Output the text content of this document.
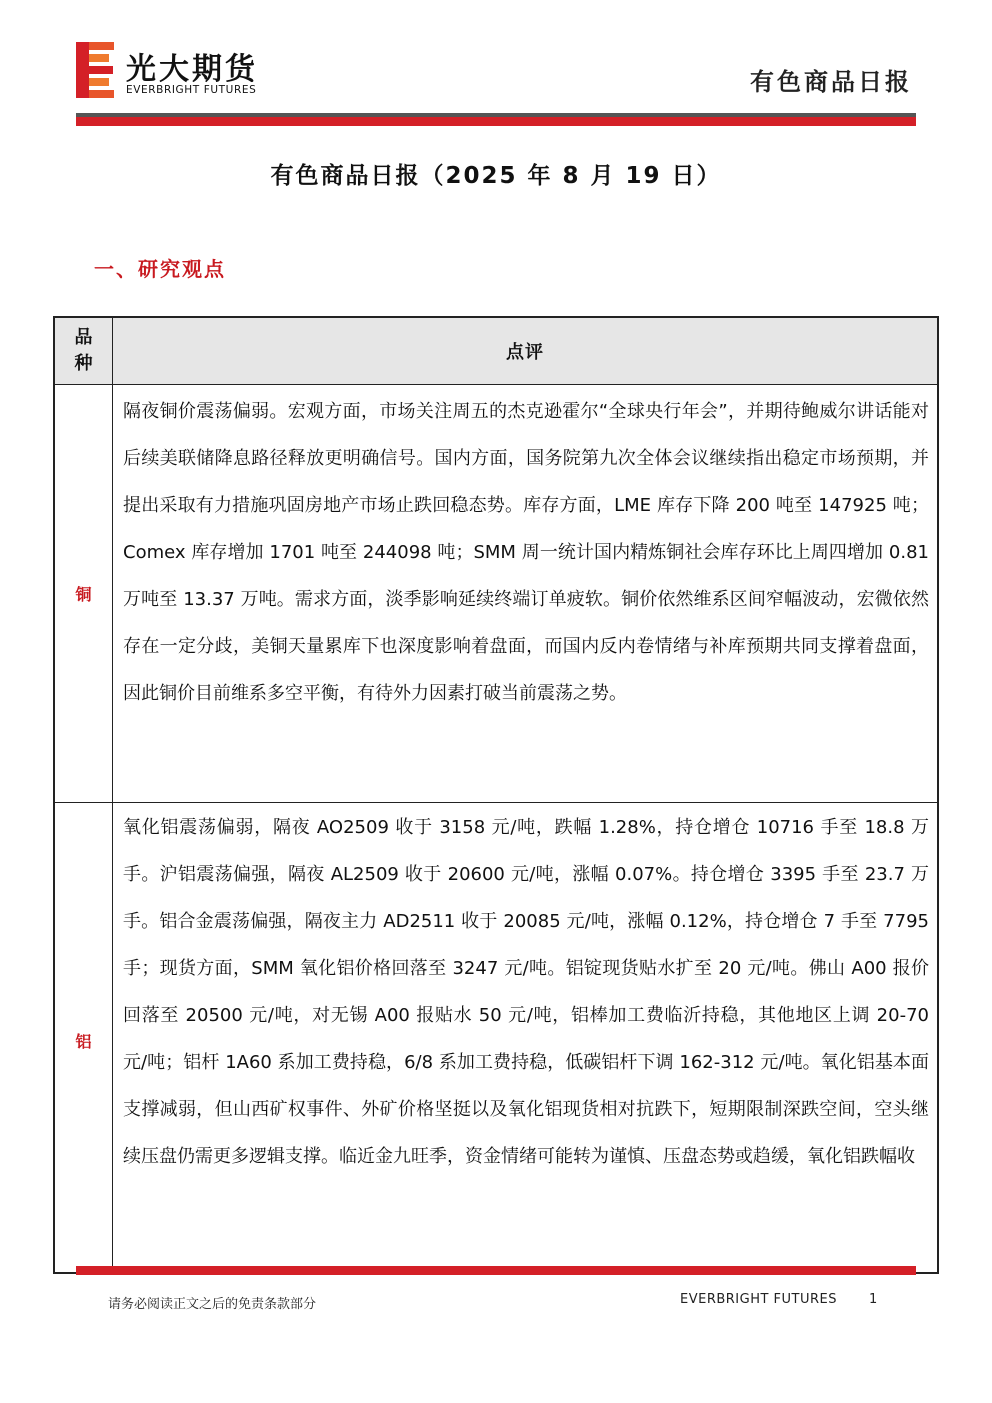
光大期货
EVERBRIGHT FUTURES	有色商品日报
有色商品日报（2025 年 8 月 19 日）
一、研究观点
品
种
点评
铜
隔夜铜价震荡偏弱。宏观方面，市场关注周五的杰克逊霍尔“全球央行年会”，并期待鲍威尔讲话能对后续美联储降息路径释放更明确信号。国内方面，国务院第九次全体会议继续指出稳定市场预期，并提出采取有力措施巩固房地产市场止跌回稳态势。库存方面，LME 库存下降 200 吨至 147925 吨；Comex 库存增加 1701 吨至 244098 吨；SMM 周一统计国内精炼铜社会库存环比上周四增加 0.81 万吨至 13.37 万吨。需求方面，淡季影响延续终端订单疲软。铜价依然维系区间窄幅波动，宏微依然存在一定分歧，美铜天量累库下也深度影响着盘面，而国内反内卷情绪与补库预期共同支撑着盘面，因此铜价目前维系多空平衡，有待外力因素打破当前震荡之势。
铝
氧化铝震荡偏弱，隔夜 AO2509 收于 3158 元/吨，跌幅 1.28%，持仓增仓 10716 手至 18.8 万手。沪铝震荡偏强，隔夜 AL2509 收于 20600 元/吨，涨幅 0.07%。持仓增仓 3395 手至 23.7 万手。铝合金震荡偏强，隔夜主力 AD2511 收于 20085 元/吨，涨幅 0.12%，持仓增仓 7 手至 7795 手；现货方面，SMM 氧化铝价格回落至 3247 元/吨。铝锭现货贴水扩至 20 元/吨。佛山 A00 报价回落至 20500 元/吨，对无锡 A00 报贴水 50 元/吨，铝棒加工费临沂持稳，其他地区上调 20-70 元/吨；铝杆 1A60 系加工费持稳，6/8 系加工费持稳，低碳铝杆下调 162-312 元/吨。氧化铝基本面支撑减弱，但山西矿权事件、外矿价格坚挺以及氧化铝现货相对抗跌下，短期限制深跌空间，空头继续压盘仍需更多逻辑支撑。临近金九旺季，资金情绪可能转为谨慎、压盘态势或趋缓，氧化铝跌幅收
请务必阅读正文之后的免责条款部分	EVERBRIGHT FUTURES 1
